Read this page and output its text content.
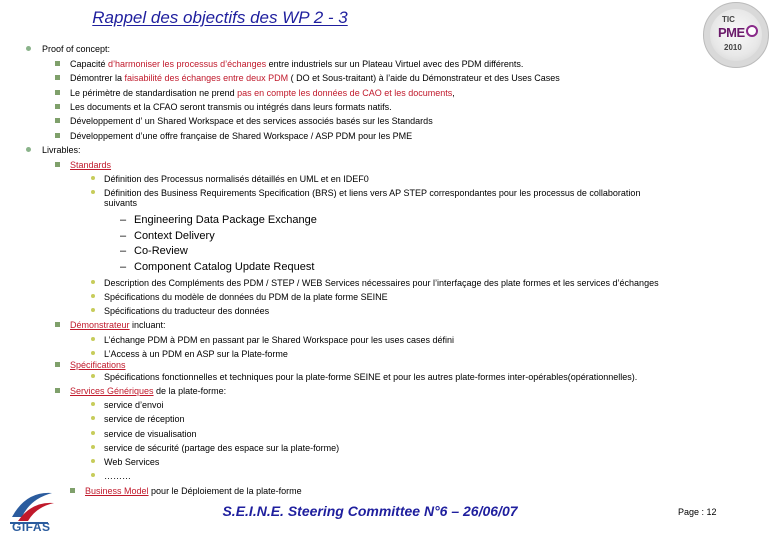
Rappel des objectifs des WP 2 - 3	TIC
PME
2010
Proof of concept:
Capacité d’harmoniser les processus d’échanges entre industriels sur un Plateau Virtuel avec des PDM différents.
Démontrer la faisabilité des échanges entre deux PDM ( DO et Sous-traitant) à l’aide du Démonstrateur et des Uses Cases
Le périmètre de standardisation ne prend pas en compte les données de CAO et les documents,
Les documents et la CFAO seront transmis ou intégrés dans leurs formats natifs.
Développement d’ un Shared Workspace et des services associés basés sur les Standards
Développement d’une offre française de Shared Workspace / ASP PDM pour les PME
Livrables:
Standards
Définition des Processus normalisés détaillés en UML et en IDEF0
Définition des Business Requirements Specification (BRS) et liens vers AP STEP correspondantes pour les processus de collaboration
suivants
– Engineering Data Package Exchange
– Context Delivery
– Co-Review
– Component Catalog Update Request
Description des Compléments des PDM / STEP / WEB Services nécessaires pour l’interfaçage des plate formes et les services d’échanges
Spécifications du modèle de données du PDM de la plate forme SEINE
Spécifications du traducteur des données
Démonstrateur incluant:
L’échange PDM à PDM en passant par le Shared Workspace pour les uses cases défini
L’Access à un PDM en ASP sur la Plate-forme
Spécifications
Spécifications fonctionnelles et techniques pour la plate-forme SEINE et pour les autres plate-formes inter-opérables(opérationnelles).
Services Génériques de la plate-forme:
service d’envoi
service de réception
service de visualisation
service de sécurité (partage des espace sur la plate-forme)
Web Services
………
Business Model pour le Déploiement de la plate-forme
GIFAS
S.E.I.N.E. Steering Committee N°6 – 26/06/07	Page : 12
